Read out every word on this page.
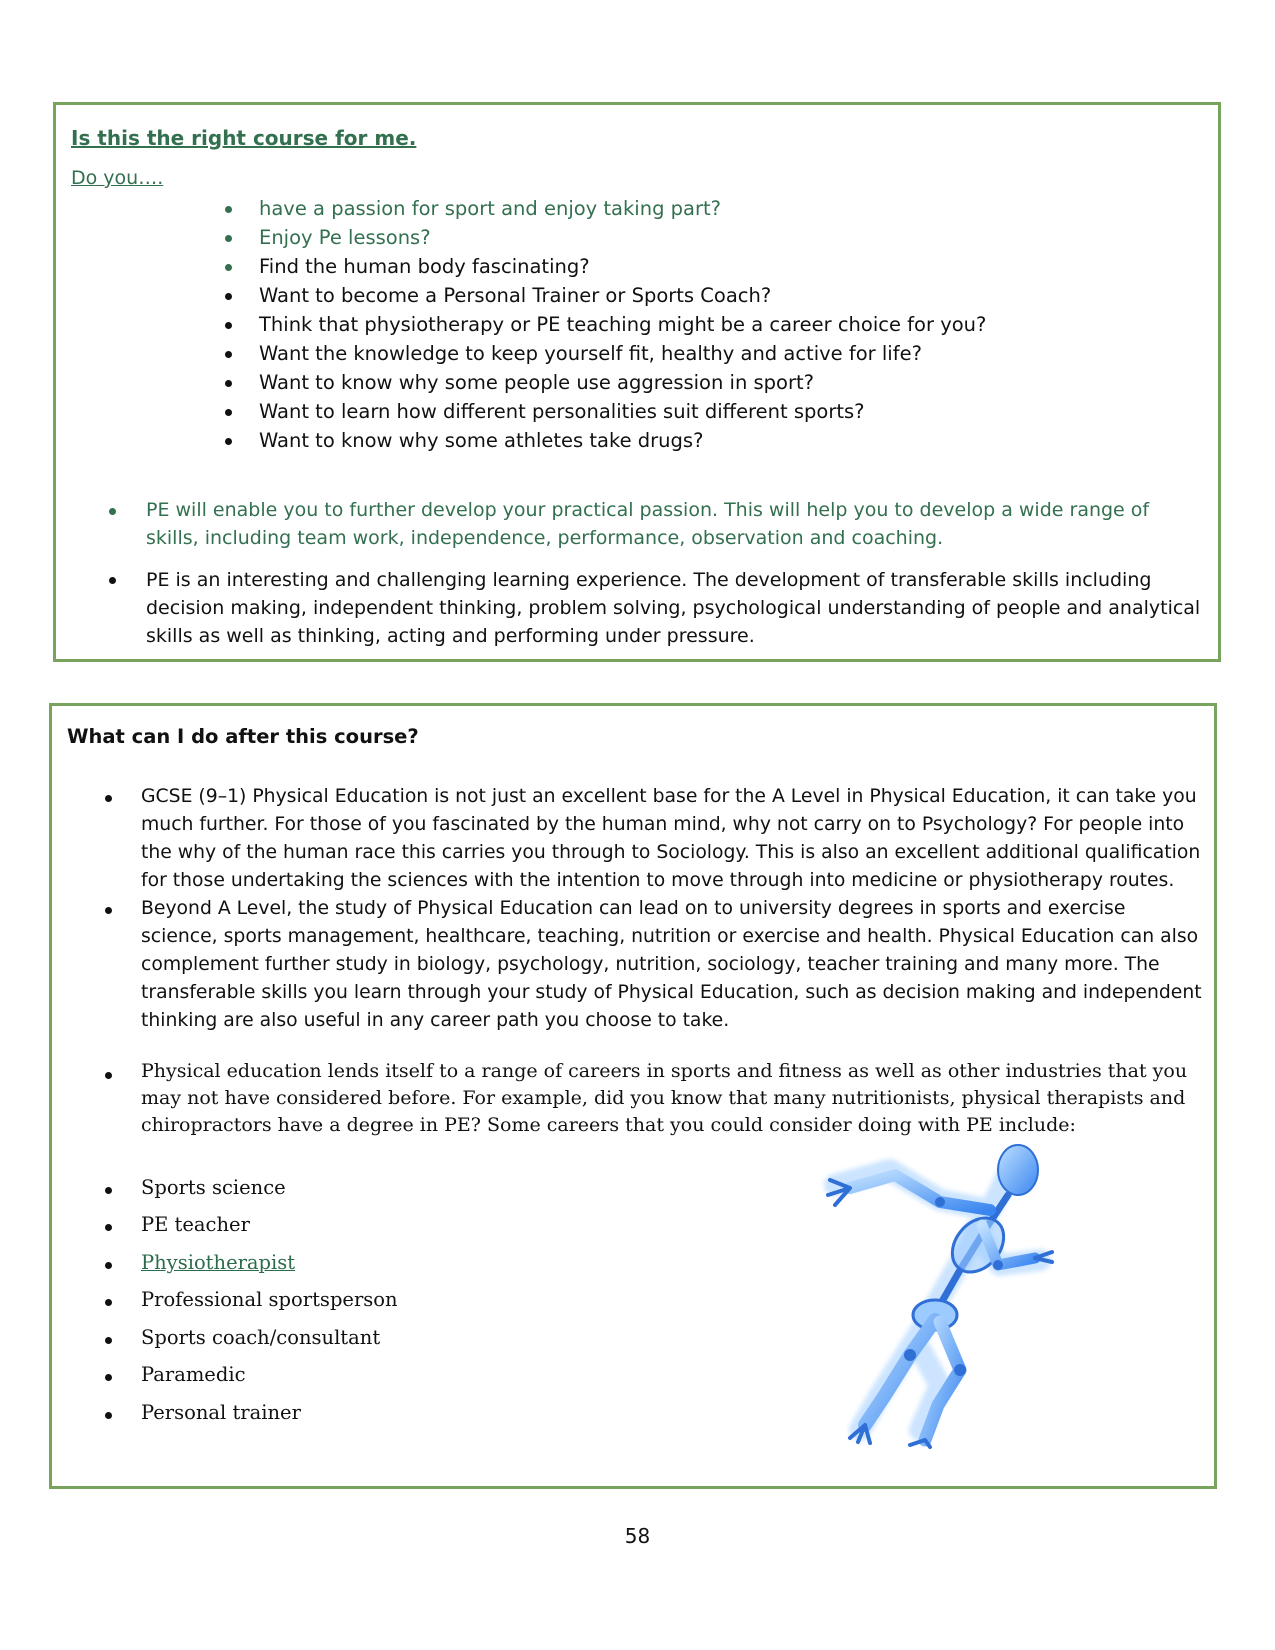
Is this the right course for me.
Do you….
have a passion for sport and enjoy taking part?
Enjoy Pe lessons?
Find the human body fascinating?
Want to become a Personal Trainer or Sports Coach?
Think that physiotherapy or PE teaching might be a career choice for you?
Want the knowledge to keep yourself fit, healthy and active for life?
Want to know why some people use aggression in sport?
Want to learn how different personalities suit different sports?
Want to know why some athletes take drugs?
PE will enable you to further develop your practical passion. This will help you to develop a wide range of skills, including team work, independence, performance, observation and coaching.
PE is an interesting and challenging learning experience. The development of transferable skills including decision making, independent thinking, problem solving, psychological understanding of people and analytical skills as well as thinking, acting and performing under pressure.
What can I do after this course?
GCSE (9–1) Physical Education is not just an excellent base for the A Level in Physical Education, it can take you much further. For those of you fascinated by the human mind, why not carry on to Psychology? For people into the why of the human race this carries you through to Sociology. This is also an excellent additional qualification for those undertaking the sciences with the intention to move through into medicine or physiotherapy routes.
Beyond A Level, the study of Physical Education can lead on to university degrees in sports and exercise science, sports management, healthcare, teaching, nutrition or exercise and health. Physical Education can also complement further study in biology, psychology, nutrition, sociology, teacher training and many more. The transferable skills you learn through your study of Physical Education, such as decision making and independent thinking are also useful in any career path you choose to take.
Physical education lends itself to a range of careers in sports and fitness as well as other industries that you may not have considered before. For example, did you know that many nutritionists, physical therapists and chiropractors have a degree in PE? Some careers that you could consider doing with PE include:
Sports science
PE teacher
Physiotherapist
Professional sportsperson
Sports coach/consultant
Paramedic
Personal trainer
58
